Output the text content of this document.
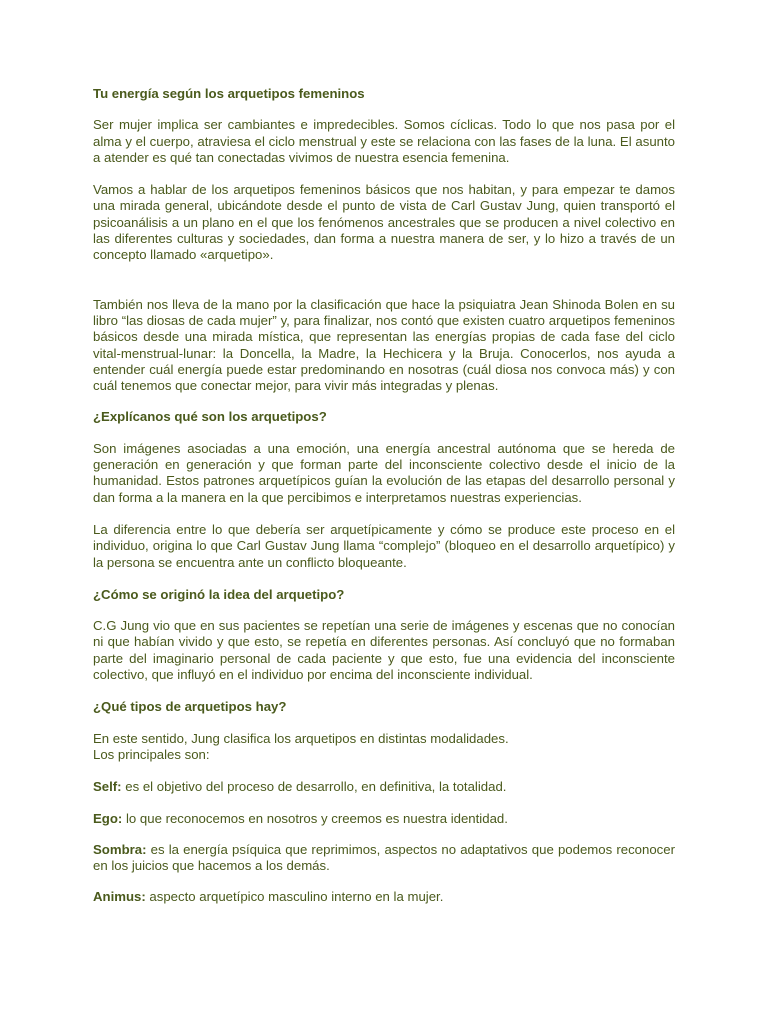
Tu energía según los arquetipos femeninos

Ser mujer implica ser cambiantes e impredecibles. Somos cíclicas. Todo lo que nos pasa por el alma y el cuerpo, atraviesa el ciclo menstrual y este se relaciona con las fases de la luna. El asunto a atender es qué tan conectadas vivimos de nuestra esencia femenina.

Vamos a hablar de los arquetipos femeninos básicos que nos habitan, y para empezar te damos una mirada general, ubicándote desde el punto de vista de Carl Gustav Jung, quien transportó el psicoanálisis a un plano en el que los fenómenos ancestrales que se producen a nivel colectivo en las diferentes culturas y sociedades, dan forma a nuestra manera de ser, y lo hizo a través de un concepto llamado «arquetipo».

También nos lleva de la mano por la clasificación que hace la psiquiatra Jean Shinoda Bolen en su libro “las diosas de cada mujer” y, para finalizar, nos contó que existen cuatro arquetipos femeninos básicos desde una mirada mística, que representan las energías propias de cada fase del ciclo vital-menstrual-lunar: la Doncella, la Madre, la Hechicera y la Bruja. Conocerlos, nos ayuda a entender cuál energía puede estar predominando en nosotras (cuál diosa nos convoca más) y con cuál tenemos que conectar mejor, para vivir más integradas y plenas.

¿Explícanos qué son los arquetipos?

Son imágenes asociadas a una emoción, una energía ancestral autónoma que se hereda de generación en generación y que forman parte del inconsciente colectivo desde el inicio de la humanidad. Estos patrones arquetípicos guían la evolución de las etapas del desarrollo personal y dan forma a la manera en la que percibimos e interpretamos nuestras experiencias.

La diferencia entre lo que debería ser arquetípicamente y cómo se produce este proceso en el individuo, origina lo que Carl Gustav Jung llama “complejo” (bloqueo en el desarrollo arquetípico) y la persona se encuentra ante un conflicto bloqueante.

¿Cómo se originó la idea del arquetipo?

C.G Jung vio que en sus pacientes se repetían una serie de imágenes y escenas que no conocían ni que habían vivido y que esto, se repetía en diferentes personas. Así concluyó que no formaban parte del imaginario personal de cada paciente y que esto, fue una evidencia del inconsciente colectivo, que influyó en el individuo por encima del inconsciente individual.

¿Qué tipos de arquetipos hay?

En este sentido, Jung clasifica los arquetipos en distintas modalidades.
Los principales son:

Self: es el objetivo del proceso de desarrollo, en definitiva, la totalidad.

Ego: lo que reconocemos en nosotros y creemos es nuestra identidad.

Sombra: es la energía psíquica que reprimimos, aspectos no adaptativos que podemos reconocer en los juicios que hacemos a los demás.

Animus: aspecto arquetípico masculino interno en la mujer.
